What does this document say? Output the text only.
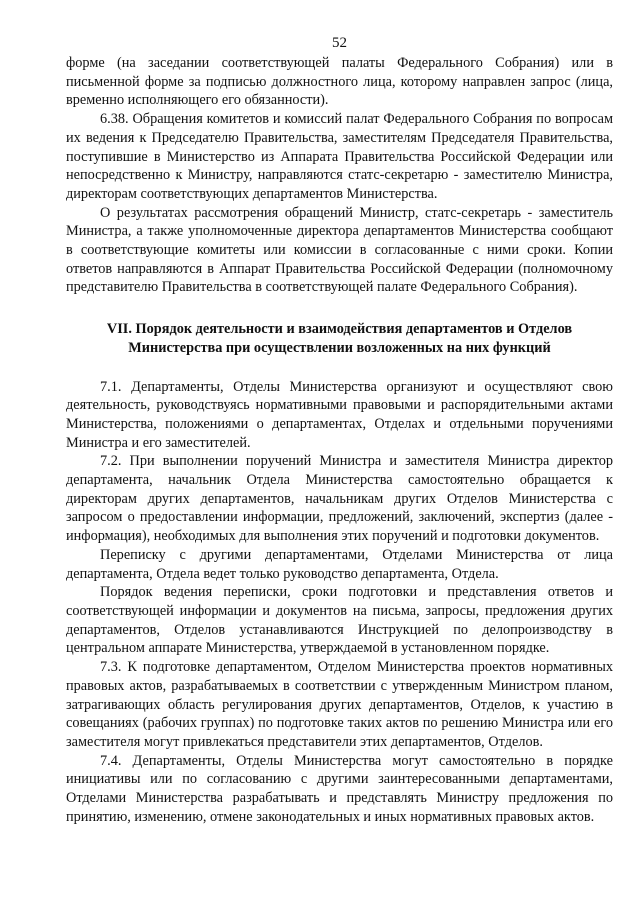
52

форме (на заседании соответствующей палаты Федерального Собрания) или в письменной форме за подписью должностного лица, которому направлен запрос (лица, временно исполняющего его обязанности).

6.38. Обращения комитетов и комиссий палат Федерального Собрания по вопросам их ведения к Председателю Правительства, заместителям Председателя Правительства, поступившие в Министерство из Аппарата Правительства Российской Федерации или непосредственно к Министру, направляются статс-секретарю - заместителю Министра, директорам соответствующих департаментов Министерства.

О результатах рассмотрения обращений Министр, статс-секретарь - заместитель Министра, а также уполномоченные директора департаментов Министерства сообщают в соответствующие комитеты или комиссии в согласованные с ними сроки. Копии ответов направляются в Аппарат Правительства Российской Федерации (полномочному представителю Правительства в соответствующей палате Федерального Собрания).

VII. Порядок деятельности и взаимодействия департаментов и Отделов Министерства при осуществлении возложенных на них функций

7.1. Департаменты, Отделы Министерства организуют и осуществляют свою деятельность, руководствуясь нормативными правовыми и распорядительными актами Министерства, положениями о департаментах, Отделах и отдельными поручениями Министра и его заместителей.

7.2. При выполнении поручений Министра и заместителя Министра директор департамента, начальник Отдела Министерства самостоятельно обращается к директорам других департаментов, начальникам других Отделов Министерства с запросом о предоставлении информации, предложений, заключений, экспертиз (далее - информация), необходимых для выполнения этих поручений и подготовки документов.

Переписку с другими департаментами, Отделами Министерства от лица департамента, Отдела ведет только руководство департамента, Отдела.

Порядок ведения переписки, сроки подготовки и представления ответов и соответствующей информации и документов на письма, запросы, предложения других департаментов, Отделов устанавливаются Инструкцией по делопроизводству в центральном аппарате Министерства, утверждаемой в установленном порядке.

7.3. К подготовке департаментом, Отделом Министерства проектов нормативных правовых актов, разрабатываемых в соответствии с утвержденным Министром планом, затрагивающих область регулирования других департаментов, Отделов, к участию в совещаниях (рабочих группах) по подготовке таких актов по решению Министра или его заместителя могут привлекаться представители этих департаментов, Отделов.

7.4. Департаменты, Отделы Министерства могут самостоятельно в порядке инициативы или по согласованию с другими заинтересованными департаментами, Отделами Министерства разрабатывать и представлять Министру предложения по принятию, изменению, отмене законодательных и иных нормативных правовых актов.
